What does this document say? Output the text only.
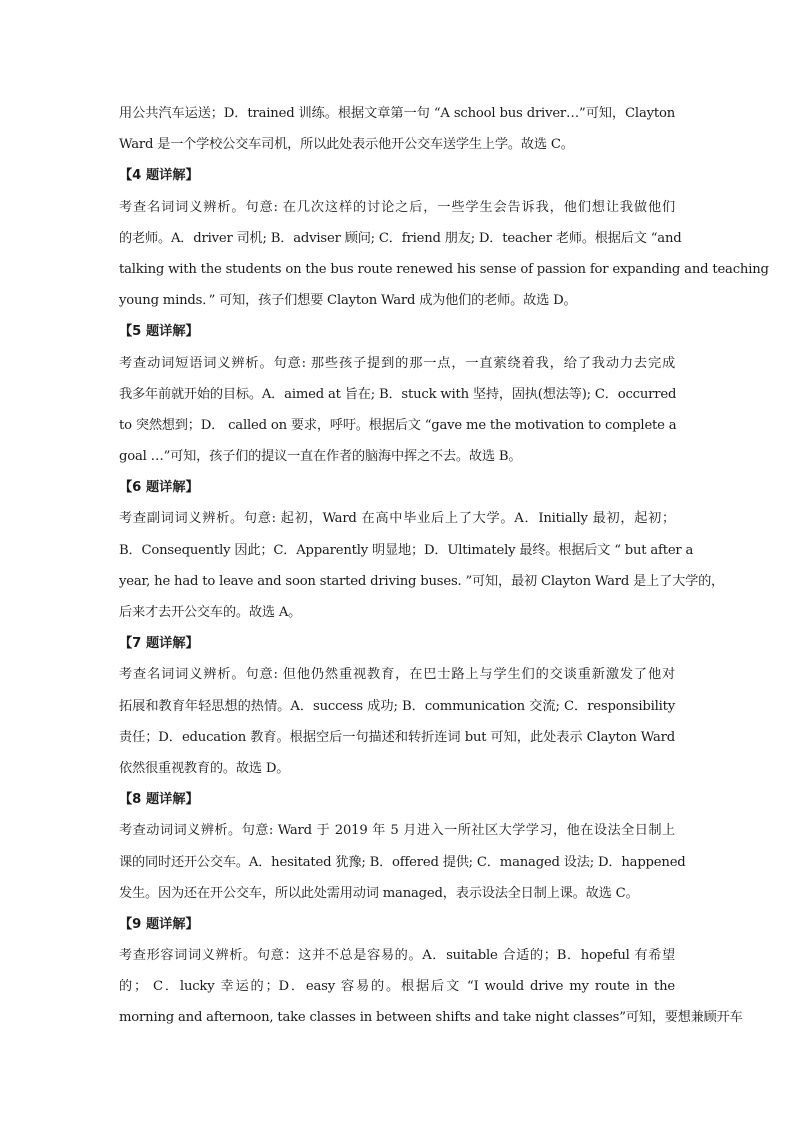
用公共汽车运送；D．trained 训练。根据文章第一句 “A school bus driver…”可知，Clayton
Ward 是一个学校公交车司机，所以此处表示他开公交车送学生上学。故选 C。
【4 题详解】
考查名词词义辨析。句意: 在几次这样的讨论之后，一些学生会告诉我，他们想让我做他们
的老师。A．driver 司机; B．adviser 顾问; C．friend 朋友; D．teacher 老师。根据后文 “and
talking with the students on the bus route renewed his sense of passion for expanding and teaching
young minds．” 可知，孩子们想要 Clayton Ward 成为他们的老师。故选 D。
【5 题详解】
考查动词短语词义辨析。句意: 那些孩子提到的那一点，一直萦绕着我，给了我动力去完成
我多年前就开始的目标。A．aimed at 旨在; B．stuck with 坚持，固执(想法等); C．occurred
to 突然想到；D． called on 要求，呼吁。根据后文 “gave me the motivation to complete a
goal …”可知，孩子们的提议一直在作者的脑海中挥之不去。故选 B。
【6 题详解】
考查副词词义辨析。句意: 起初，Ward 在高中毕业后上了大学。A．Initially 最初，起初；
B．Consequently 因此；C．Apparently 明显地；D．Ultimately 最终。根据后文 “ but after a
year, he had to leave and soon started driving buses. ”可知，最初 Clayton Ward 是上了大学的，
后来才去开公交车的。故选 A。
【7 题详解】
考查名词词义辨析。句意: 但他仍然重视教育，在巴士路上与学生们的交谈重新激发了他对
拓展和教育年轻思想的热情。A．success 成功; B．communication 交流; C．responsibility
责任；D．education 教育。根据空后一句描述和转折连词 but 可知，此处表示 Clayton Ward
依然很重视教育的。故选 D。
【8 题详解】
考查动词词义辨析。句意: Ward 于 2019 年 5 月进入一所社区大学学习，他在设法全日制上
课的同时还开公交车。A．hesitated 犹豫; B．offered 提供; C．managed 设法; D．happened
发生。因为还在开公交车，所以此处需用动词 managed，表示设法全日制上课。故选 C。
【9 题详解】
考查形容词词义辨析。句意：这并不总是容易的。A．suitable 合适的；B．hopeful 有希望
的； C．lucky 幸运的；D．easy 容易的。根据后文 “I would drive my route in the
morning and afternoon, take classes in between shifts and take night classes”可知，要想兼顾开车
